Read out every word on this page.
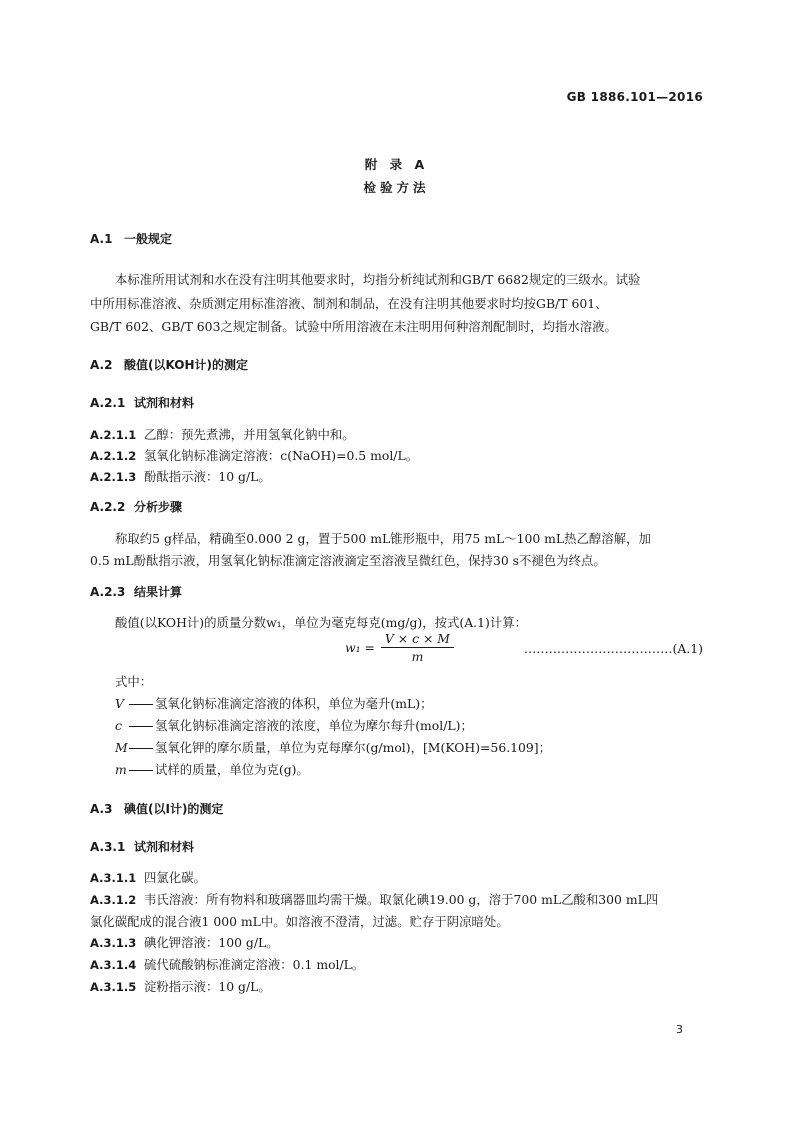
GB 1886.101—2016
附 录 A
检验方法
A.1 一般规定
本标准所用试剂和水在没有注明其他要求时，均指分析纯试剂和GB/T 6682规定的三级水。试验
中所用标准溶液、杂质测定用标准溶液、制剂和制品，在没有注明其他要求时均按GB/T 601、
GB/T 602、GB/T 603之规定制备。试验中所用溶液在未注明用何种溶剂配制时，均指水溶液。
A.2 酸值(以KOH计)的测定
A.2.1 试剂和材料
A.2.1.1 乙醇：预先煮沸，并用氢氧化钠中和。
A.2.1.2 氢氧化钠标准滴定溶液：c(NaOH)=0.5 mol/L。
A.2.1.3 酚酞指示液：10 g/L。
A.2.2 分析步骤
称取约5 g样品，精确至0.000 2 g，置于500 mL锥形瓶中，用75 mL～100 mL热乙醇溶解，加
0.5 mL酚酞指示液，用氢氧化钠标准滴定溶液滴定至溶液呈微红色，保持30 s不褪色为终点。
A.2.3 结果计算
酸值(以KOH计)的质量分数w₁，单位为毫克每克(mg/g)，按式(A.1)计算：
$w_1 = \frac{V \times c \times M}{m}$	………………………………(A.1)
式中：
V	氢氧化钠标准滴定溶液的体积，单位为毫升(mL)；
c	氢氧化钠标准滴定溶液的浓度，单位为摩尔每升(mol/L)；
M 氢氧化钾的摩尔质量，单位为克每摩尔(g/mol)，[M(KOH)=56.109]；
m 试样的质量，单位为克(g)。
A.3 碘值(以I计)的测定
A.3.1 试剂和材料
A.3.1.1 四氯化碳。
A.3.1.2 韦氏溶液：所有物料和玻璃器皿均需干燥。取氯化碘19.00 g，溶于700 mL乙酸和300 mL四
氯化碳配成的混合液1 000 mL中。如溶液不澄清，过滤。贮存于阴凉暗处。
A.3.1.3 碘化钾溶液：100 g/L。
A.3.1.4 硫代硫酸钠标准滴定溶液：0.1 mol/L。
A.3.1.5 淀粉指示液：10 g/L。
3
